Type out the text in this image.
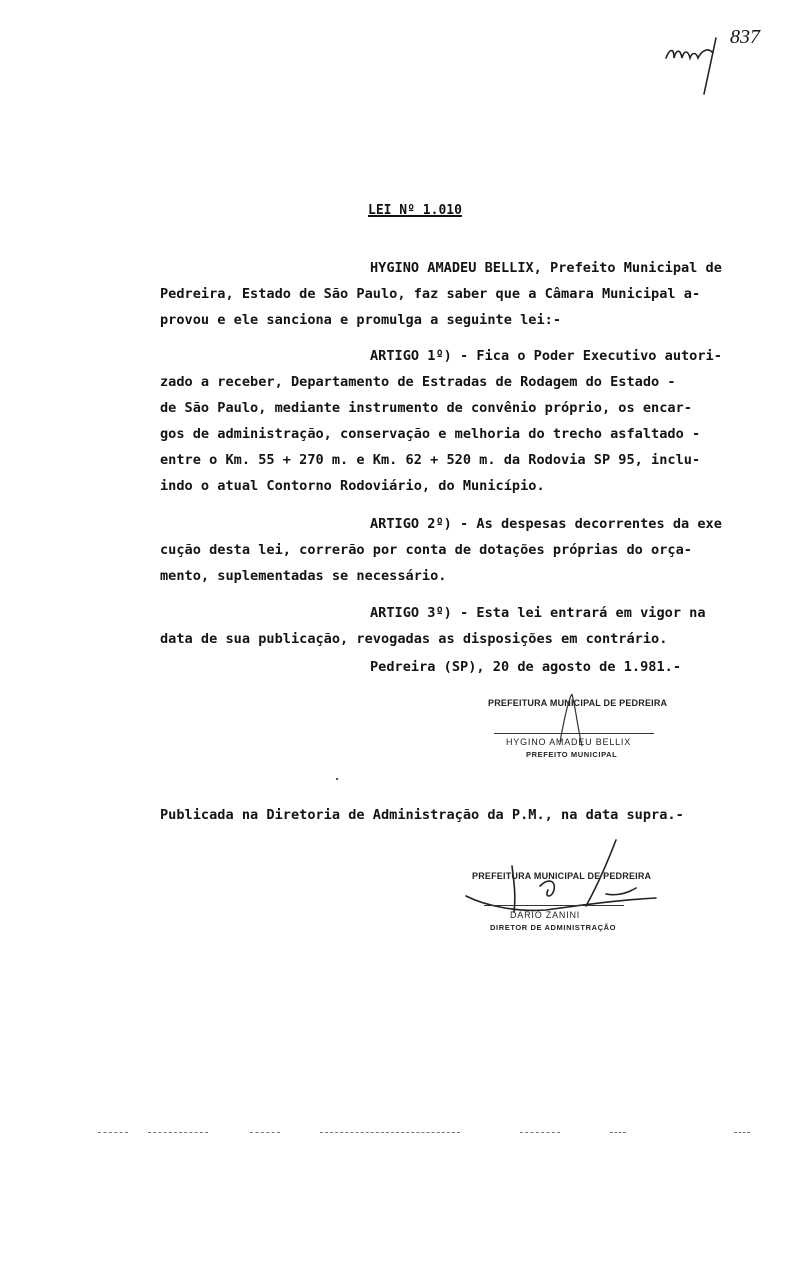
837
LEI Nº 1.010
HYGINO AMADEU BELLIX, Prefeito Municipal de
Pedreira, Estado de São Paulo, faz saber que a Câmara Municipal a-
provou e ele sanciona e promulga a seguinte lei:-
ARTIGO 1º) - Fica o Poder Executivo autori-
zado a receber, Departamento de Estradas de Rodagem do Estado -
de São Paulo, mediante instrumento de convênio próprio, os encar-
gos de administração, conservação e melhoria do trecho asfaltado -
entre o Km. 55 + 270 m. e Km. 62 + 520 m. da Rodovia SP 95, inclu-
indo o atual Contorno Rodoviário, do Município.
ARTIGO 2º) - As despesas decorrentes da exe
cução desta lei, correrão por conta de dotações próprias do orça-
mento, suplementadas se necessário.
ARTIGO 3º) - Esta lei entrará em vigor na
data de sua publicação, revogadas as disposições em contrário.
Pedreira (SP), 20 de agosto de 1.981.-
PREFEITURA MUNICIPAL DE PEDREIRA
HYGINO AMADEU BELLIX
PREFEITO MUNICIPAL
Publicada na Diretoria de Administração da P.M., na data supra.-
PREFEITURA MUNICIPAL DE PEDREIRA
DARIO ZANINI
DIRETOR DE ADMINISTRAÇÃO
